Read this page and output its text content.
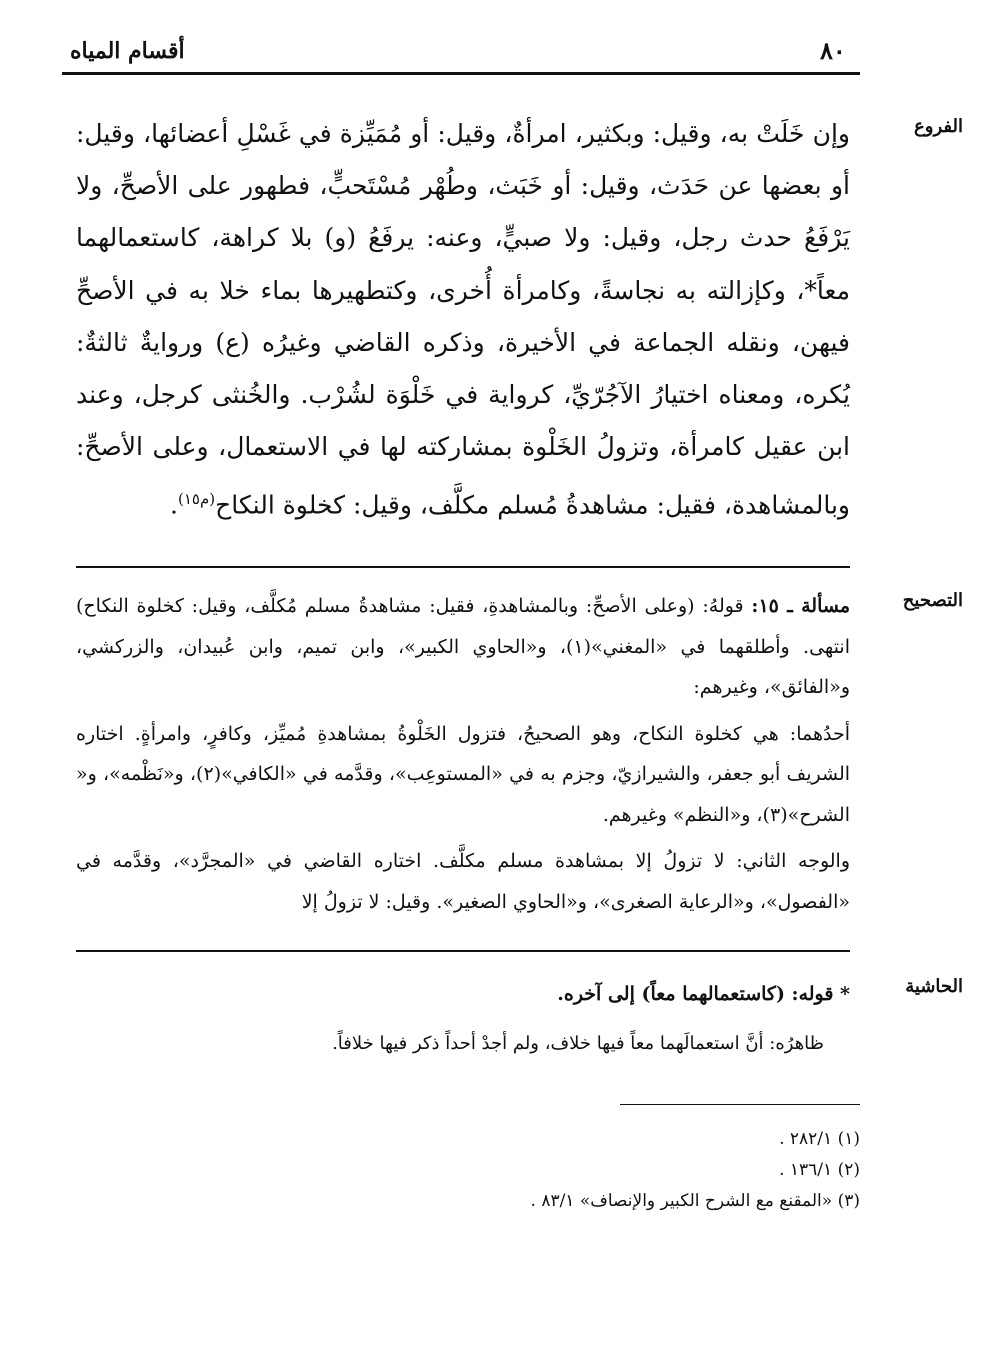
أقسام المياه	٨٠
الفروع
وإن خَلَتْ به، وقيل: وبكثير، امرأةٌ، وقيل: أو مُمَيِّزة في غَسْلِ أعضائها، وقيل: أو بعضها عن حَدَث، وقيل: أو خَبَث، وطُهْر مُسْتَحبٍّ، فطهور على الأصحِّ، ولا يَرْفَعُ حدث رجل، وقيل: ولا صبيٍّ، وعنه: يرفَعُ (و) بلا كراهة، كاستعمالهما معاً*، وكإزالته به نجاسةً، وكامرأة أُخرى، وكتطهيرها بماء خلا به في الأصحِّ فيهن، ونقله الجماعة في الأخيرة، وذكره القاضي وغيرُه (ع) وروايةٌ ثالثةٌ: يُكره، ومعناه اختيارُ الآجُرّيِّ، كرواية في خَلْوَة لشُرْب. والخُنثى كرجل، وعند ابن عقيل كامرأة، وتزولُ الخَلْوة بمشاركته لها في الاستعمال، وعلى الأصحِّ: وبالمشاهدة، فقيل: مشاهدةُ مُسلم مكلَّف، وقيل: كخلوة النكاح$^{(م١٥)}$.
التصحيح

مسألة ـ ١٥: قولهُ: (وعلى الأصحِّ: وبالمشاهدةِ، فقيل: مشاهدةُ مسلم مُكلَّف، وقيل: كخلوة النكاح) انتهى. وأطلقهما في «المغني»(١)، و«الحاوي الكبير»، وابن تميم، وابن عُبيدان، والزركشي، و«الفائق»، وغيرهم:

أحدُهما: هي كخلوة النكاح، وهو الصحيحُ، فتزول الخَلْوةُ بمشاهدةِ مُميِّز، وكافرٍ، وامرأةٍ. اختاره الشريف أبو جعفر، والشيرازيّ، وجزم به في «المستوعِب»، وقدَّمه في «الكافي»(٢)، و«نَظْمه»، و« الشرح»(٣)، و«النظم» وغيرهم.

والوجه الثاني: لا تزولُ إلا بمشاهدة مسلم مكلَّف. اختاره القاضي في «المجرَّد»، وقدَّمه في «الفصول»، و«الرعاية الصغرى»، و«الحاوي الصغير». وقيل: لا تزولُ إلا

الحاشية
* قوله: (كاستعمالهما معاً) إلى آخره.
ظاهرُه: أنَّ استعمالَهما معاً فيها خلاف، ولم أجدْ أحداً ذكر فيها خلافاً.
(١) ٢٨٢/١ .
(٢) ١٣٦/١ .
(٣) «المقنع مع الشرح الكبير والإنصاف» ٨٣/١ .
